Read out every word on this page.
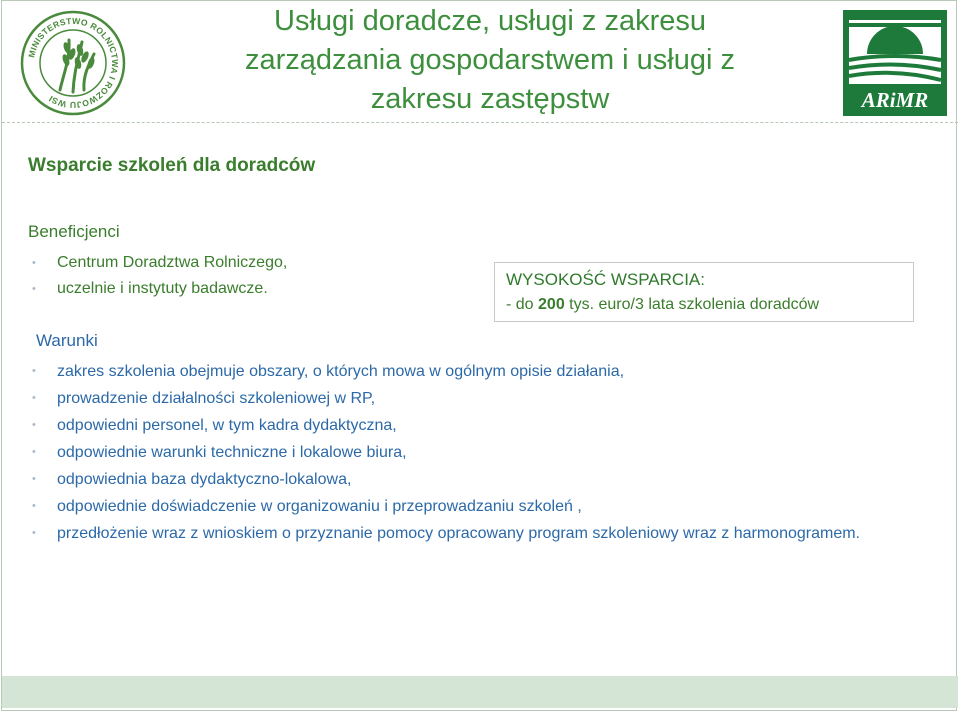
MINISTERSTWO ROLNICTWA I ROZWOJU WSI
Usługi doradcze, usługi z zakresu zarządzania gospodarstwem i usługi z zakresu zastępstw	ARiMR
Wsparcie szkoleń dla doradców
Beneficjenci
• Centrum Doradztwa Rolniczego,
• uczelnie i instytuty badawcze.	WYSOKOŚĆ WSPARCIA:
- do 200 tys. euro/3 lata szkolenia doradców
Warunki
• zakres szkolenia obejmuje obszary, o których mowa w ogólnym opisie działania,
• prowadzenie działalności szkoleniowej w RP,
• odpowiedni personel, w tym kadra dydaktyczna,
• odpowiednie warunki techniczne i lokalowe biura,
• odpowiednia baza dydaktyczno-lokalowa,
• odpowiednie doświadczenie w organizowaniu i przeprowadzaniu szkoleń ,
• przedłożenie wraz z wnioskiem o przyznanie pomocy opracowany program szkoleniowy wraz z harmonogramem.
